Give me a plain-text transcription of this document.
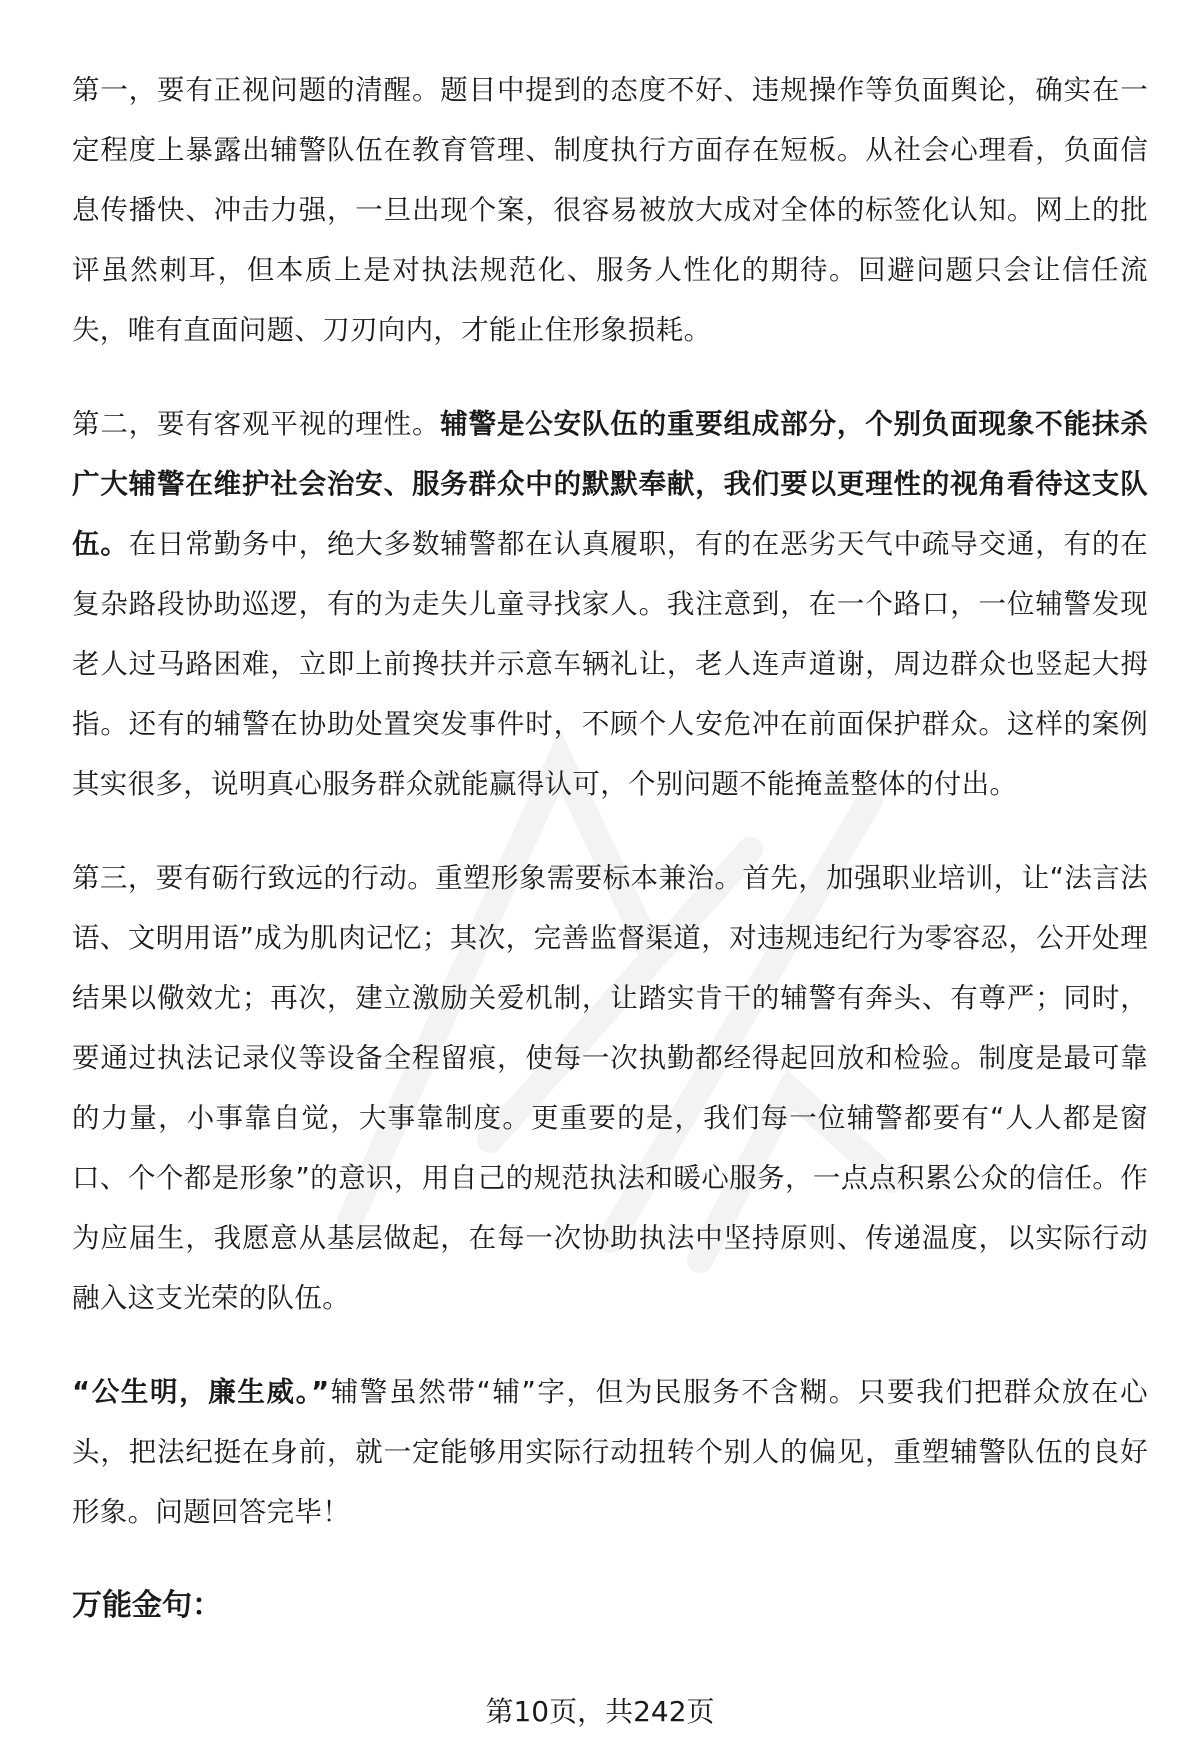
第一，要有正视问题的清醒。题目中提到的态度不好、违规操作等负面舆论，确实在一定程度上暴露出辅警队伍在教育管理、制度执行方面存在短板。从社会心理看，负面信息传播快、冲击力强，一旦出现个案，很容易被放大成对全体的标签化认知。网上的批评虽然刺耳，但本质上是对执法规范化、服务人性化的期待。回避问题只会让信任流失，唯有直面问题、刀刃向内，才能止住形象损耗。

第二，要有客观平视的理性。辅警是公安队伍的重要组成部分，个别负面现象不能抹杀广大辅警在维护社会治安、服务群众中的默默奉献，我们要以更理性的视角看待这支队伍。在日常勤务中，绝大多数辅警都在认真履职，有的在恶劣天气中疏导交通，有的在复杂路段协助巡逻，有的为走失儿童寻找家人。我注意到，在一个路口，一位辅警发现老人过马路困难，立即上前搀扶并示意车辆礼让，老人连声道谢，周边群众也竖起大拇指。还有的辅警在协助处置突发事件时，不顾个人安危冲在前面保护群众。这样的案例其实很多，说明真心服务群众就能赢得认可，个别问题不能掩盖整体的付出。

第三，要有砺行致远的行动。重塑形象需要标本兼治。首先，加强职业培训，让“法言法语、文明用语”成为肌肉记忆；其次，完善监督渠道，对违规违纪行为零容忍，公开处理结果以儆效尤；再次，建立激励关爱机制，让踏实肯干的辅警有奔头、有尊严；同时，要通过执法记录仪等设备全程留痕，使每一次执勤都经得起回放和检验。制度是最可靠的力量，小事靠自觉，大事靠制度。更重要的是，我们每一位辅警都要有“人人都是窗口、个个都是形象”的意识，用自己的规范执法和暖心服务，一点点积累公众的信任。作为应届生，我愿意从基层做起，在每一次协助执法中坚持原则、传递温度，以实际行动融入这支光荣的队伍。

“公生明，廉生威。”辅警虽然带“辅”字，但为民服务不含糊。只要我们把群众放在心头，把法纪挺在身前，就一定能够用实际行动扭转个别人的偏见，重塑辅警队伍的良好形象。问题回答完毕！

万能金句：
第10页，共242页
